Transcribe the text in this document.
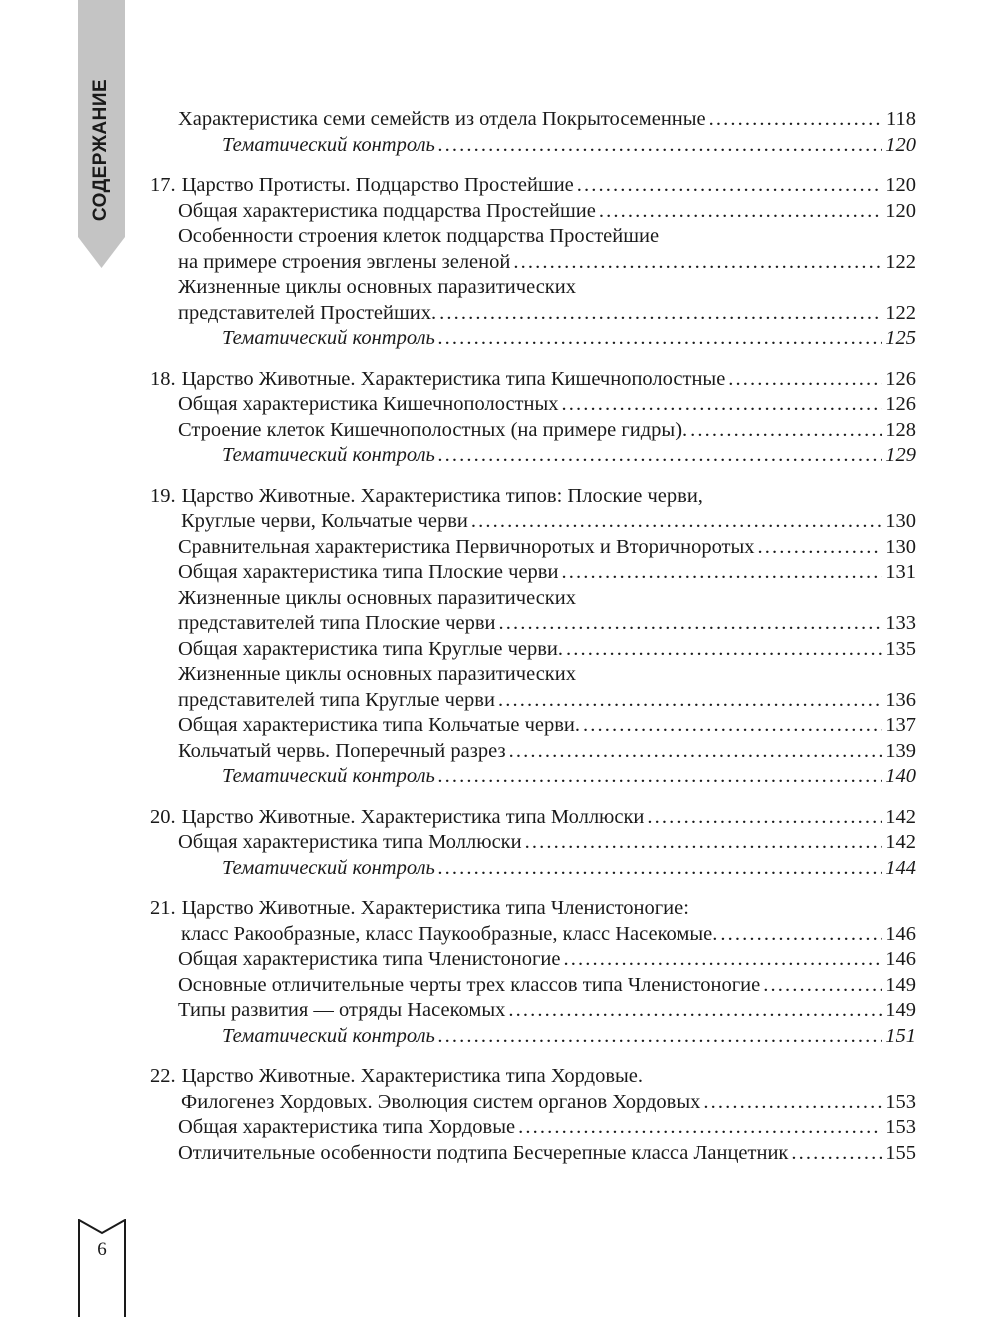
СОДЕРЖАНИЕ	Характеристика семи семейств из отдела Покрытосеменные . . .	118
Тематический контроль . . .	120
17. Царство Протисты. Подцарство Простейшие . . .	120
Общая характеристика подцарства Простейшие . . .	120
Особенности строения клеток подцарства Простейшие
на примере строения эвглены зеленой . . .	122
Жизненные циклы основных паразитических
представителей Простейших. . . .	122
Тематический контроль . . .	125
18. Царство Животные. Характеристика типа Кишечнополостные . . .	126
Общая характеристика Кишечнополостных . . .	126
Строение клеток Кишечнополостных (на примере гидры). . . .	128
Тематический контроль . . .	129
19. Царство Животные. Характеристика типов: Плоские черви,
Круглые черви, Кольчатые черви . . .	130
Сравнительная характеристика Первичноротых и Вторичноротых . . .	130
Общая характеристика типа Плоские черви . . .	131
Жизненные циклы основных паразитических
представителей типа Плоские черви . . .	133
Общая характеристика типа Круглые черви. . . .	135
Жизненные циклы основных паразитических
представителей типа Круглые черви . . .	136
Общая характеристика типа Кольчатые черви. . . .	137
Кольчатый червь. Поперечный разрез . . .	139
Тематический контроль . . .	140
20. Царство Животные. Характеристика типа Моллюски . . .	142
Общая характеристика типа Моллюски . . .	142
Тематический контроль . . .	144
21. Царство Животные. Характеристика типа Членистоногие:
класс Ракообразные, класс Паукообразные, класс Насекомые. . . .	146
Общая характеристика типа Членистоногие . . .	146
Основные отличительные черты трех классов типа Членистоногие . . .	149
Типы развития — отряды Насекомых . . .	149
Тематический контроль . . .	151
22. Царство Животные. Характеристика типа Хордовые.
Филогенез Хордовых. Эволюция систем органов Хордовых . . .	153
Общая характеристика типа Хордовые . . .	153
Отличительные особенности подтипа Бесчерепные класса Ланцетник . . .	155
6
